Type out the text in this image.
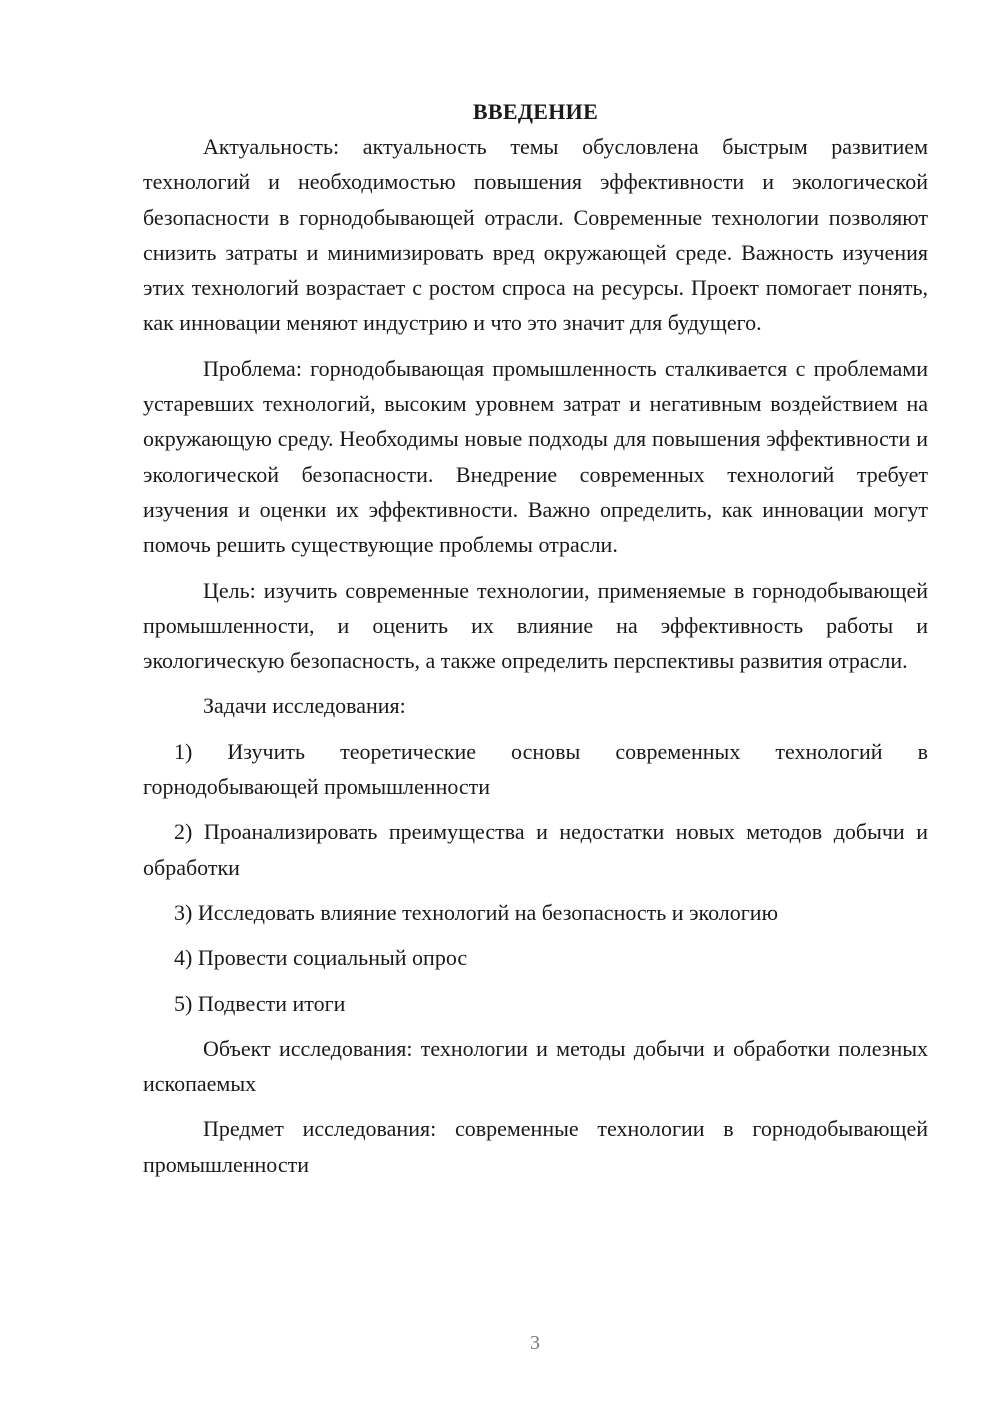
ВВЕДЕНИЕ

Актуальность: актуальность темы обусловлена быстрым развитием технологий и необходимостью повышения эффективности и экологической безопасности в горнодобывающей отрасли. Современные технологии позволяют снизить затраты и минимизировать вред окружающей среде. Важность изучения этих технологий возрастает с ростом спроса на ресурсы. Проект помогает понять, как инновации меняют индустрию и что это значит для будущего.

Проблема: горнодобывающая промышленность сталкивается с проблемами устаревших технологий, высоким уровнем затрат и негативным воздействием на окружающую среду. Необходимы новые подходы для повышения эффективности и экологической безопасности. Внедрение современных технологий требует изучения и оценки их эффективности. Важно определить, как инновации могут помочь решить существующие проблемы отрасли.

Цель: изучить современные технологии, применяемые в горнодобывающей промышленности, и оценить их влияние на эффективность работы и экологическую безопасность, а также определить перспективы развития отрасли.

Задачи исследования:

1) Изучить теоретические основы современных технологий в горнодобывающей промышленности

2) Проанализировать преимущества и недостатки новых методов добычи и обработки

3) Исследовать влияние технологий на безопасность и экологию

4) Провести социальный опрос

5) Подвести итоги

Объект исследования: технологии и методы добычи и обработки полезных ископаемых

Предмет исследования: современные технологии в горнодобывающей промышленности

3
